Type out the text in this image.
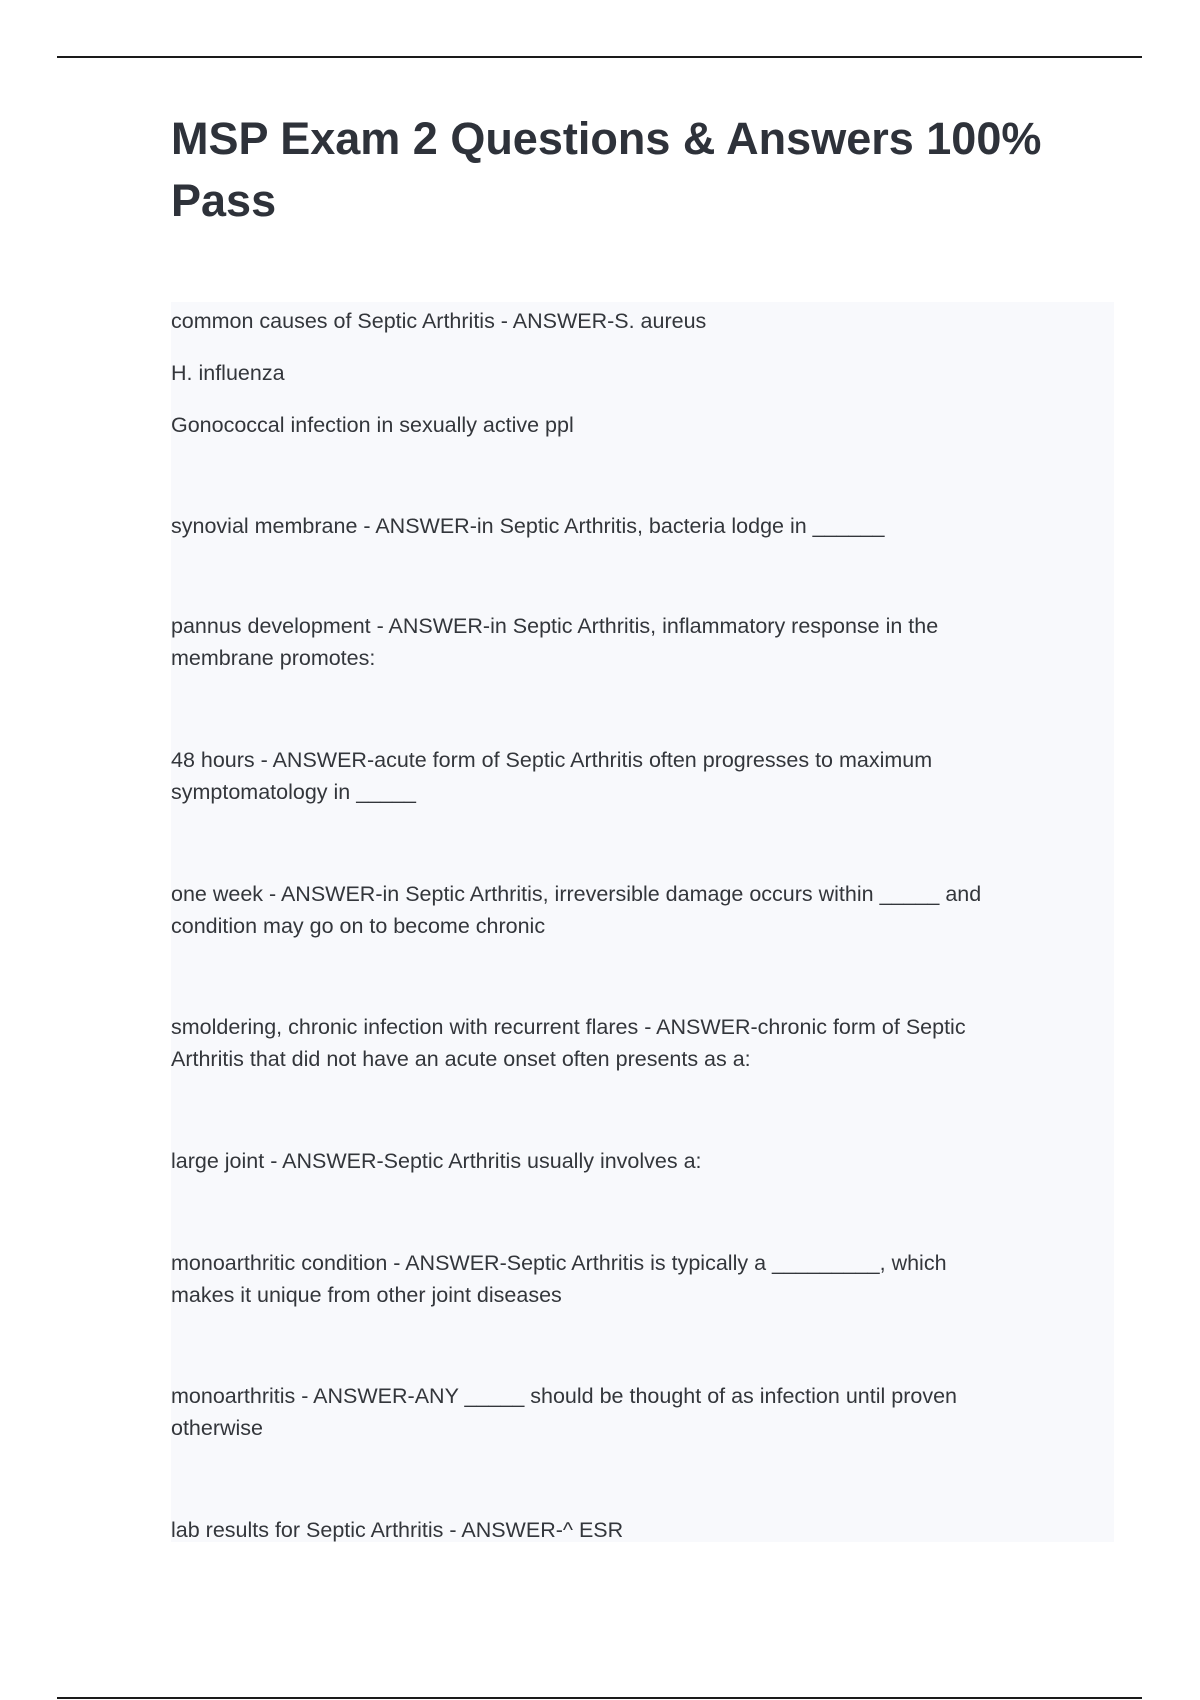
MSP Exam 2 Questions & Answers 100%
Pass
common causes of Septic Arthritis - ANSWER-S. aureus
H. influenza
Gonococcal infection in sexually active ppl
synovial membrane - ANSWER-in Septic Arthritis, bacteria lodge in ______
pannus development - ANSWER-in Septic Arthritis, inflammatory response in the
membrane promotes:
48 hours - ANSWER-acute form of Septic Arthritis often progresses to maximum
symptomatology in _____
one week - ANSWER-in Septic Arthritis, irreversible damage occurs within _____ and
condition may go on to become chronic
smoldering, chronic infection with recurrent flares - ANSWER-chronic form of Septic
Arthritis that did not have an acute onset often presents as a:
large joint - ANSWER-Septic Arthritis usually involves a:
monoarthritic condition - ANSWER-Septic Arthritis is typically a _________, which
makes it unique from other joint diseases
monoarthritis - ANSWER-ANY _____ should be thought of as infection until proven
otherwise
lab results for Septic Arthritis - ANSWER-^ ESR
